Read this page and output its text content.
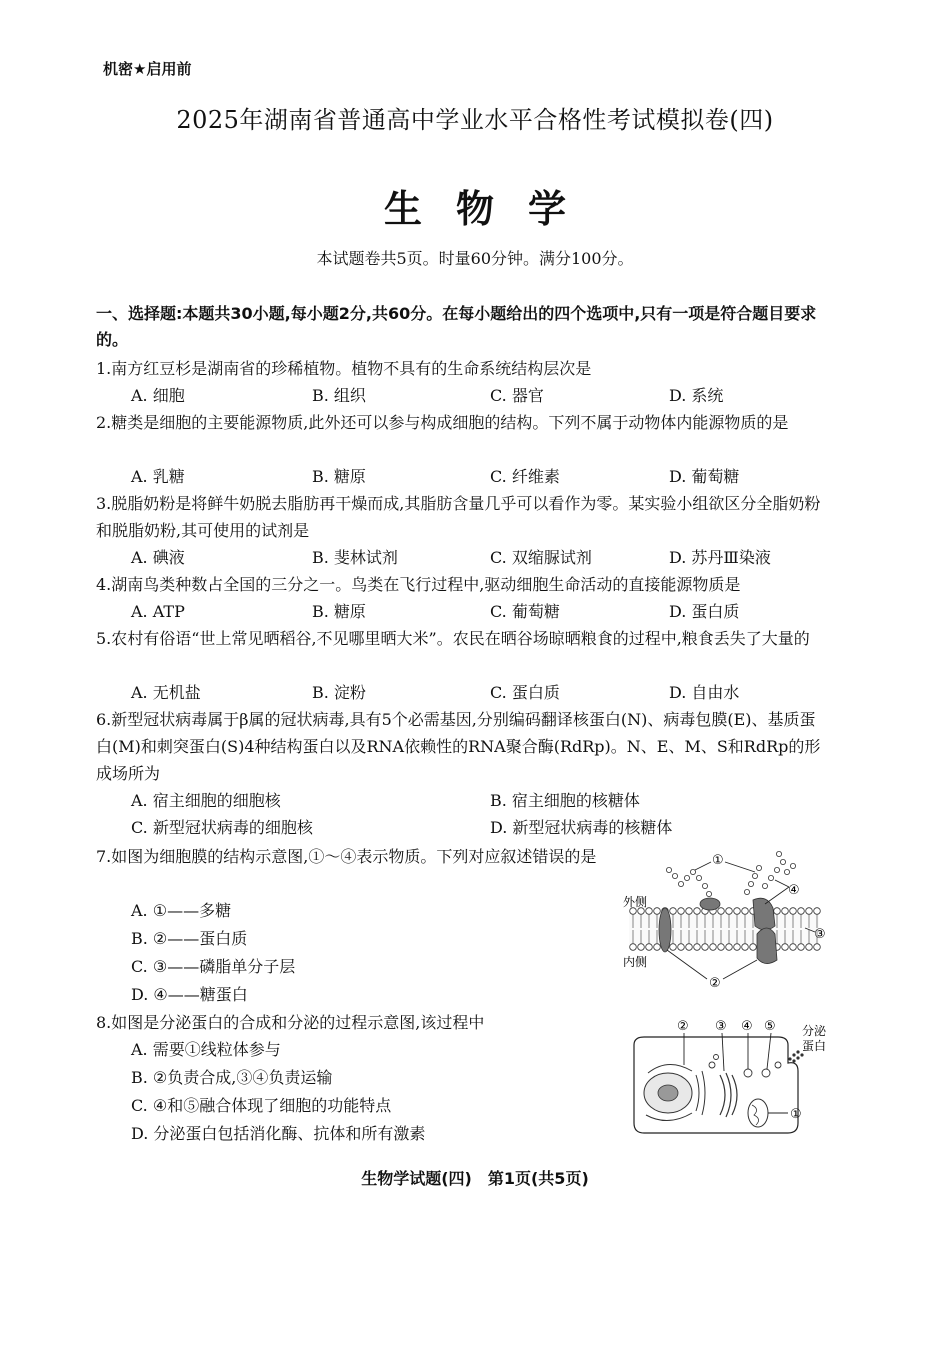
机密★启用前
2025年湖南省普通高中学业水平合格性考试模拟卷(四)
生物学
本试题卷共5页。时量60分钟。满分100分。
一、选择题:本题共30小题,每小题2分,共60分。在每小题给出的四个选项中,只有一项是符合题目要求的。
1.南方红豆杉是湖南省的珍稀植物。植物不具有的生命系统结构层次是
A. 细胞	B. 组织	C. 器官	D. 系统
2.糖类是细胞的主要能源物质,此外还可以参与构成细胞的结构。下列不属于动物体内能源物质的是
A. 乳糖	B. 糖原	C. 纤维素	D. 葡萄糖
3.脱脂奶粉是将鲜牛奶脱去脂肪再干燥而成,其脂肪含量几乎可以看作为零。某实验小组欲区分全脂奶粉和脱脂奶粉,其可使用的试剂是
A. 碘液	B. 斐林试剂	C. 双缩脲试剂	D. 苏丹Ⅲ染液
4.湖南鸟类种数占全国的三分之一。鸟类在飞行过程中,驱动细胞生命活动的直接能源物质是
A. ATP	B. 糖原	C. 葡萄糖	D. 蛋白质
5.农村有俗语“世上常见晒稻谷,不见哪里晒大米”。农民在晒谷场晾晒粮食的过程中,粮食丢失了大量的
A. 无机盐	B. 淀粉	C. 蛋白质	D. 自由水
6.新型冠状病毒属于β属的冠状病毒,具有5个必需基因,分别编码翻译核蛋白(N)、病毒包膜(E)、基质蛋白(M)和刺突蛋白(S)4种结构蛋白以及RNA依赖性的RNA聚合酶(RdRp)。N、E、M、S和RdRp的形成场所为
A. 宿主细胞的细胞核	B. 宿主细胞的核糖体
C. 新型冠状病毒的细胞核	D. 新型冠状病毒的核糖体
7.如图为细胞膜的结构示意图,①～④表示物质。下列对应叙述错误的是
A. ①——多糖
B. ②——蛋白质
C. ③——磷脂单分子层
D. ④——糖蛋白
①
④
③
②
外侧
内侧
8.如图是分泌蛋白的合成和分泌的过程示意图,该过程中
A. 需要①线粒体参与
B. ②负责合成,③④负责运输
C. ④和⑤融合体现了细胞的功能特点
D. 分泌蛋白包括消化酶、抗体和所有激素
② ③ ④ ⑤
①
分泌
蛋白
生物学试题(四)　第1页(共5页)
